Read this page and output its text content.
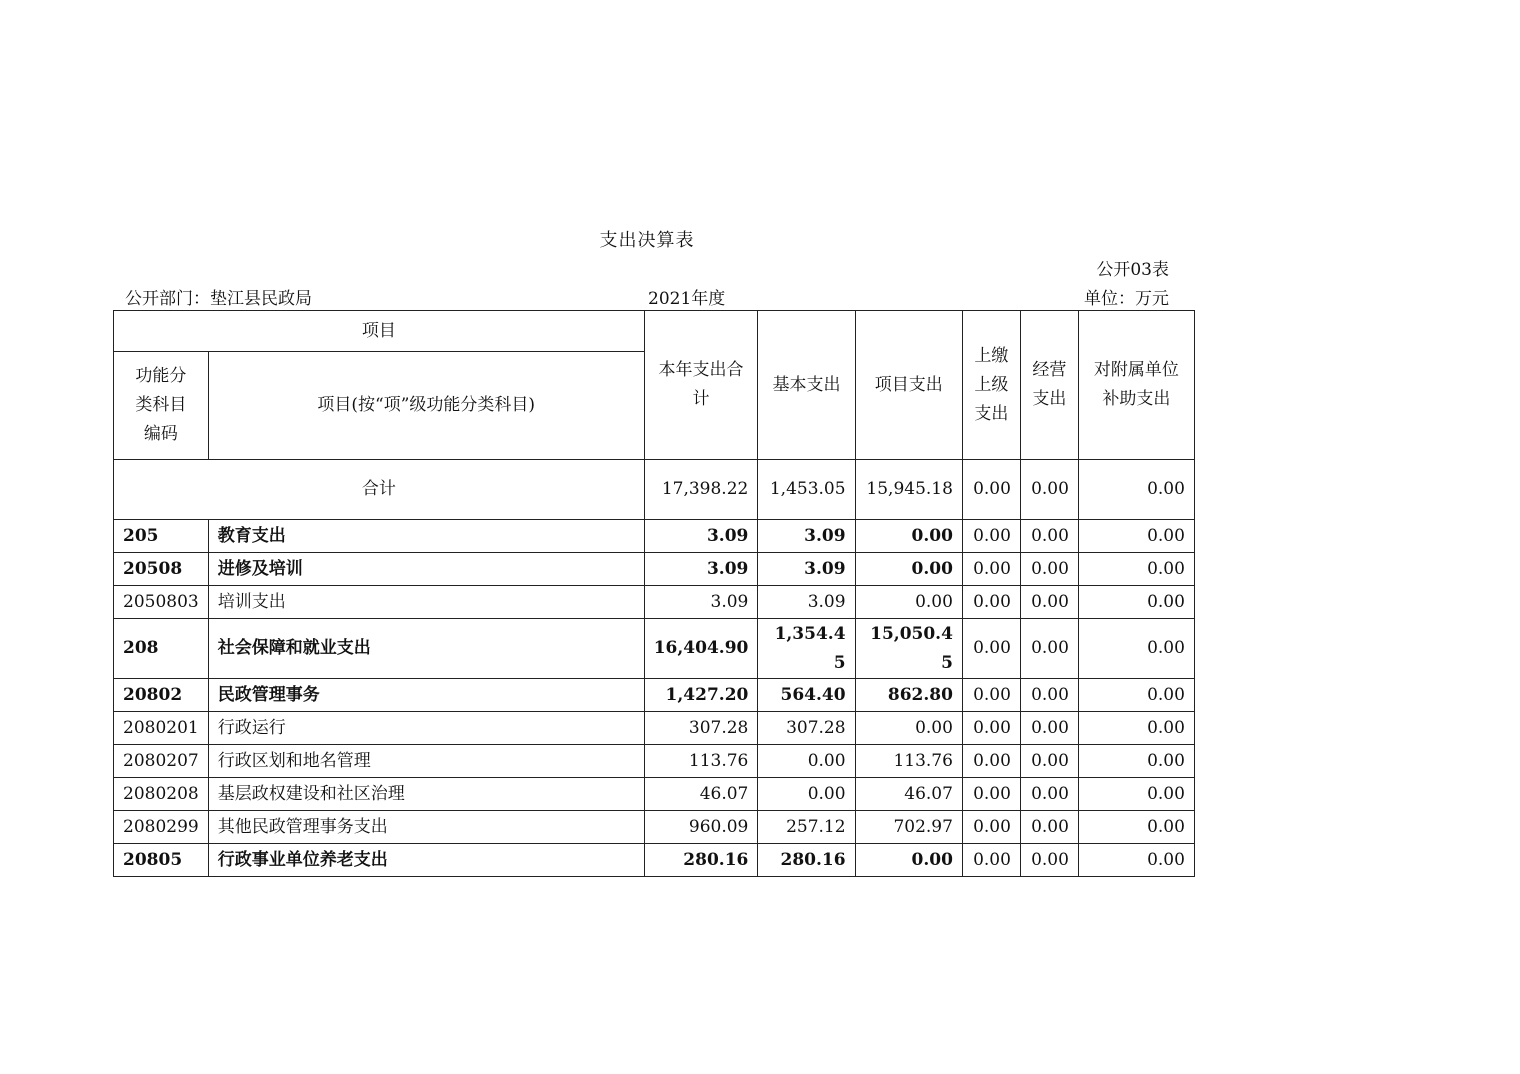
支出决算表
公开03表
公开部门：垫江县民政局	2021年度	单位：万元
项目		本年支出合计	基本支出	项目支出	上缴上级支出	经营支出	对附属单位补助支出

功能分类科目编码	项目(按“项”级功能分类科目)						
合计		17,398.22	1,453.05	15,945.18	0.00	0.00	0.00
205	教育支出	3.09	3.09	0.00	0.00	0.00	0.00
20508	进修及培训	3.09	3.09	0.00	0.00	0.00	0.00
2050803	培训支出	3.09	3.09	0.00	0.00	0.00	0.00
208	社会保障和就业支出	16,404.90	1,354.45	15,050.45	0.00	0.00	0.00
20802	民政管理事务	1,427.20	564.40	862.80	0.00	0.00	0.00
2080201	行政运行	307.28	307.28	0.00	0.00	0.00	0.00
2080207	行政区划和地名管理	113.76	0.00	113.76	0.00	0.00	0.00
2080208	基层政权建设和社区治理	46.07	0.00	46.07	0.00	0.00	0.00
2080299	其他民政管理事务支出	960.09	257.12	702.97	0.00	0.00	0.00
20805	行政事业单位养老支出	280.16	280.16	0.00	0.00	0.00	0.00
